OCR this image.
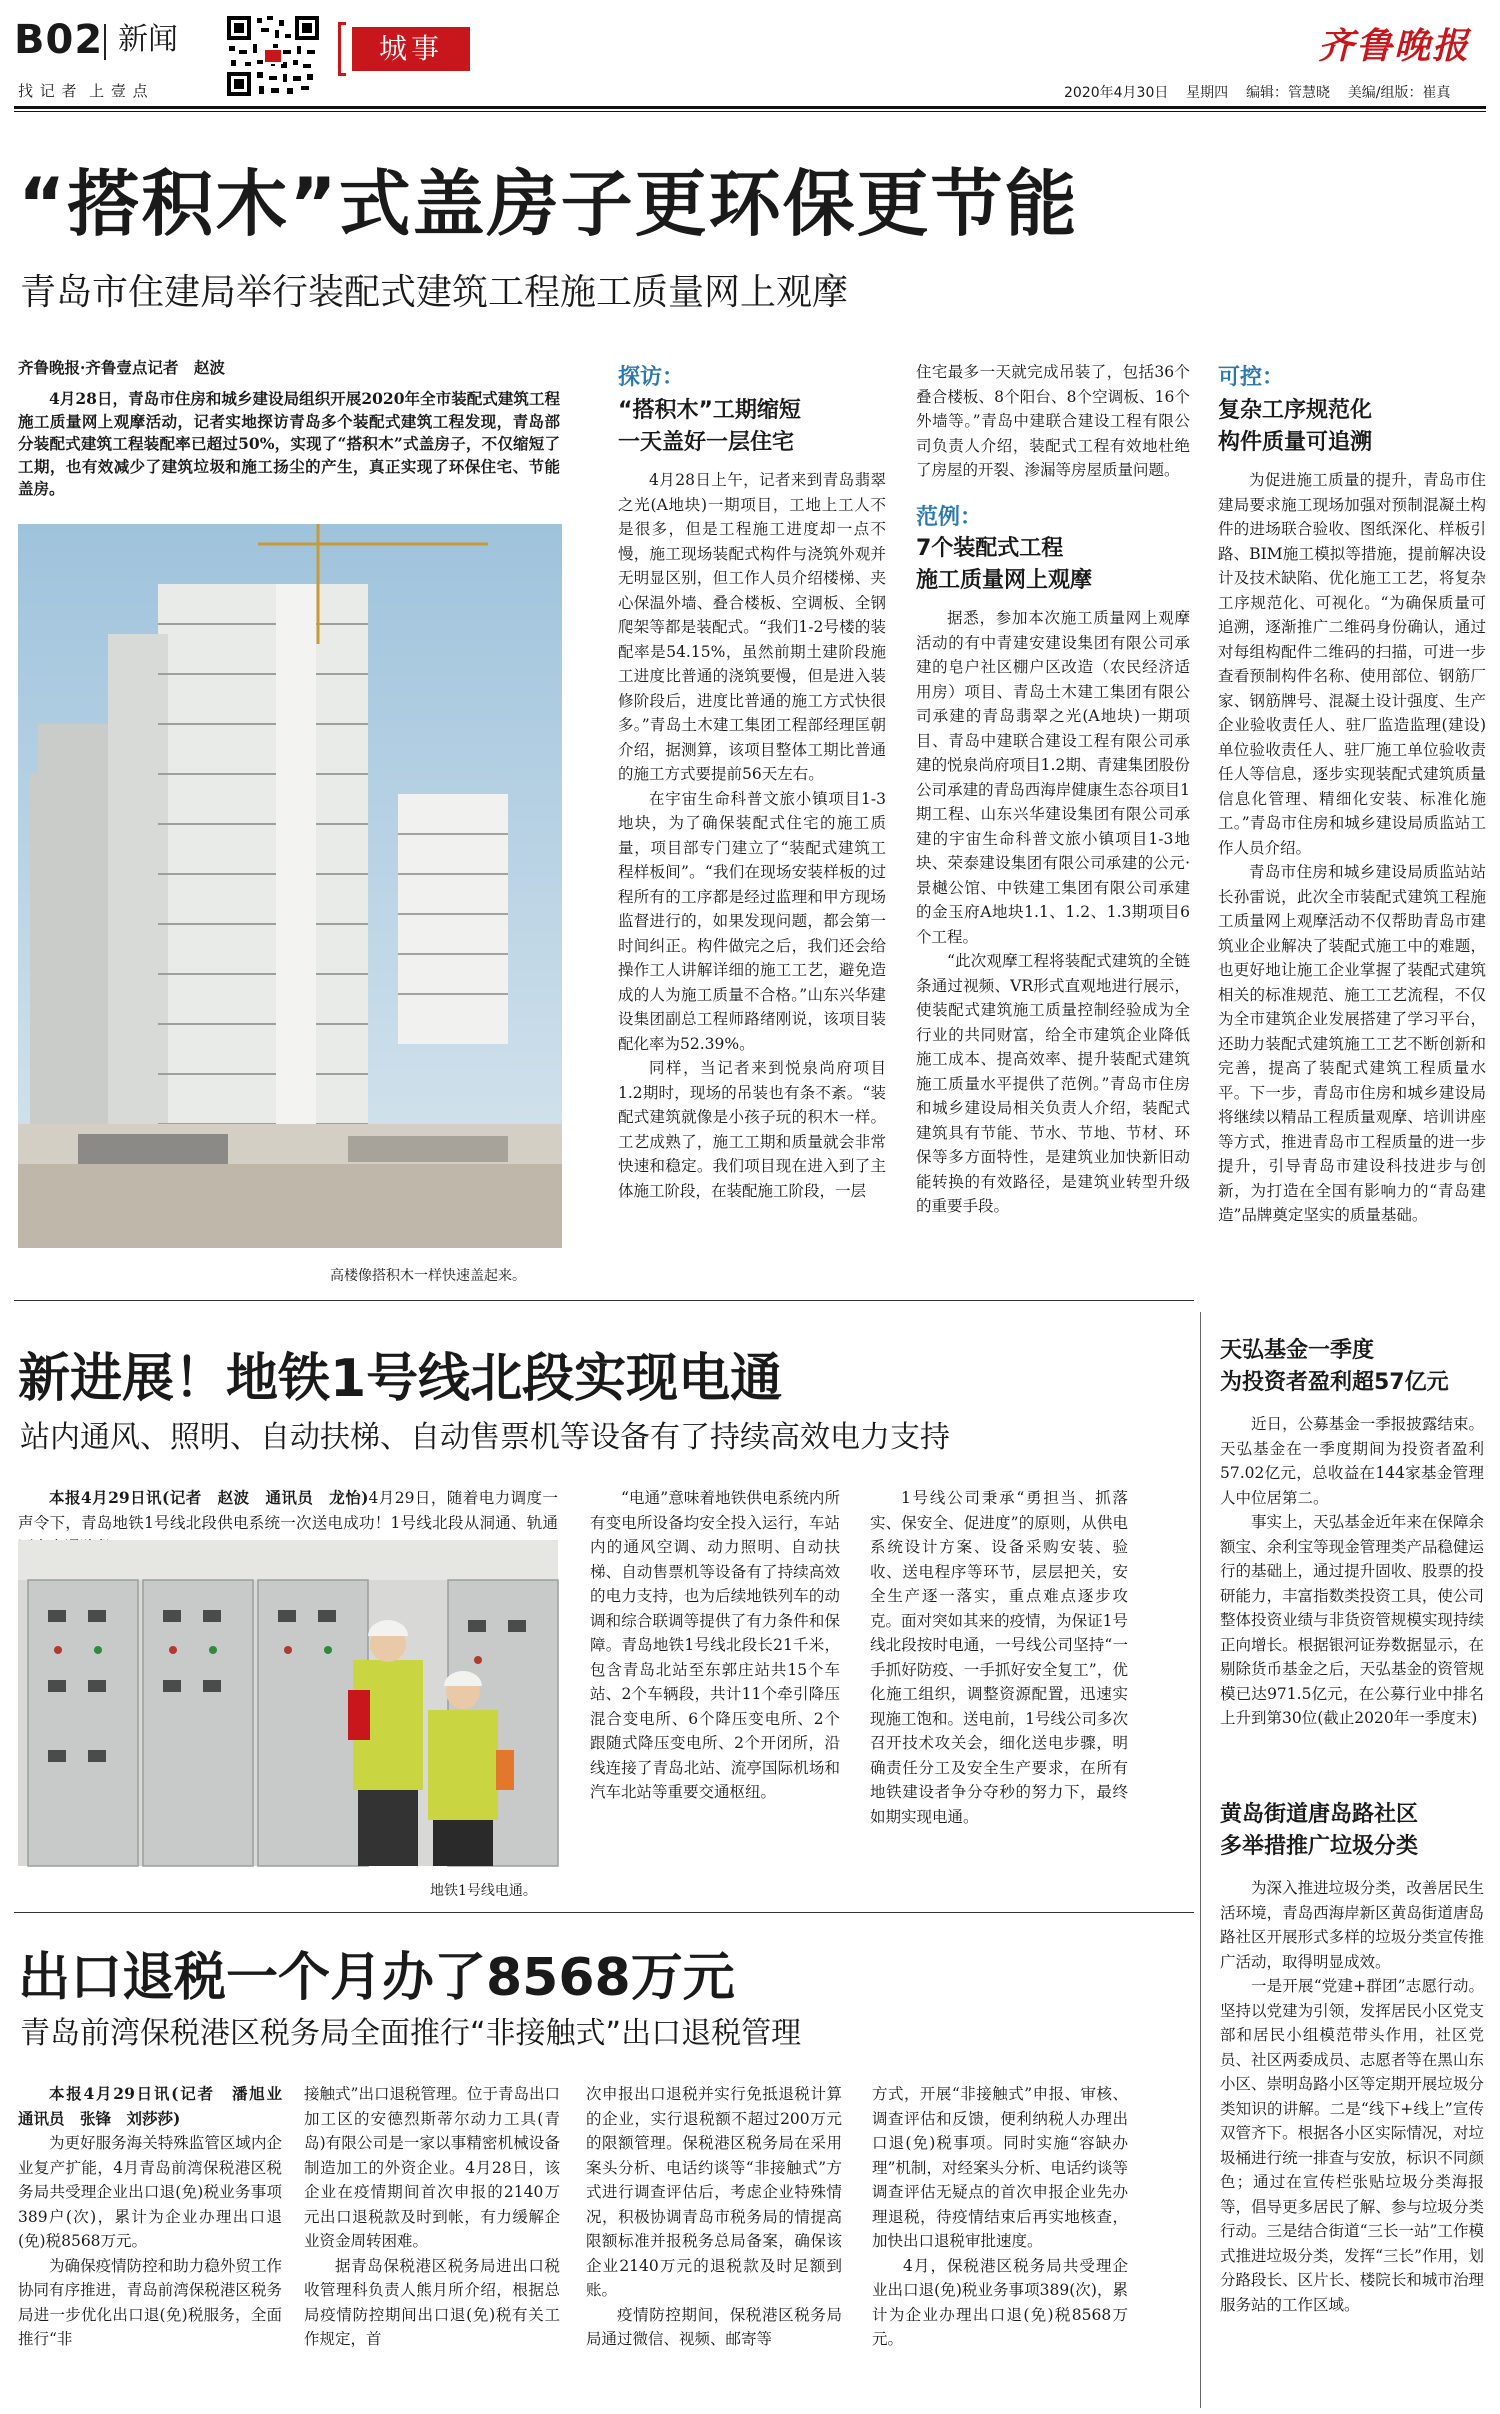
B02 新闻
找 记 者  上 壹 点
城事	齐鲁晚报
2020年4月30日 星期四 编辑：管慧晓 美编/组版：崔真
“搭积木”式盖房子更环保更节能
青岛市住建局举行装配式建筑工程施工质量网上观摩
齐鲁晚报·齐鲁壹点记者　赵波
4月28日，青岛市住房和城乡建设局组织开展2020年全市装配式建筑工程施工质量网上观摩活动，记者实地探访青岛多个装配式建筑工程发现，青岛部分装配式建筑工程装配率已超过50%，实现了“搭积木”式盖房子，不仅缩短了工期，也有效减少了建筑垃圾和施工扬尘的产生，真正实现了环保住宅、节能盖房。
高楼像搭积木一样快速盖起来。
探访：
“搭积木”工期缩短
一天盖好一层住宅

4月28日上午，记者来到青岛翡翠之光(A地块)一期项目，工地上工人不是很多，但是工程施工进度却一点不慢，施工现场装配式构件与浇筑外观并无明显区别，但工作人员介绍楼梯、夹心保温外墙、叠合楼板、空调板、全钢爬架等都是装配式。“我们1-2号楼的装配率是54.15%，虽然前期土建阶段施工进度比普通的浇筑要慢，但是进入装修阶段后，进度比普通的施工方式快很多。”青岛土木建工集团工程部经理匡朝介绍，据测算，该项目整体工期比普通的施工方式要提前56天左右。

在宇宙生命科普文旅小镇项目1-3地块，为了确保装配式住宅的施工质量，项目部专门建立了“装配式建筑工程样板间”。“我们在现场安装样板的过程所有的工序都是经过监理和甲方现场监督进行的，如果发现问题，都会第一时间纠正。构件做完之后，我们还会给操作工人讲解详细的施工工艺，避免造成的人为施工质量不合格。”山东兴华建设集团副总工程师路绪刚说，该项目装配化率为52.39%。

同样，当记者来到悦泉尚府项目1.2期时，现场的吊装也有条不紊。“装配式建筑就像是小孩子玩的积木一样。工艺成熟了，施工工期和质量就会非常快速和稳定。我们项目现在进入到了主体施工阶段，在装配施工阶段，一层

住宅最多一天就完成吊装了，包括36个叠合楼板、8个阳台、8个空调板、16个外墙等。”青岛中建联合建设工程有限公司负责人介绍，装配式工程有效地杜绝了房屋的开裂、渗漏等房屋质量问题。
范例：
7个装配式工程
施工质量网上观摩

据悉，参加本次施工质量网上观摩活动的有中青建安建设集团有限公司承建的皂户社区棚户区改造（农民经济适用房）项目、青岛土木建工集团有限公司承建的青岛翡翠之光(A地块)一期项目、青岛中建联合建设工程有限公司承建的悦泉尚府项目1.2期、青建集团股份公司承建的青岛西海岸健康生态谷项目1期工程、山东兴华建设集团有限公司承建的宇宙生命科普文旅小镇项目1-3地块、荣泰建设集团有限公司承建的公元·景樾公馆、中铁建工集团有限公司承建的金玉府A地块1.1、1.2、1.3期项目6个工程。

“此次观摩工程将装配式建筑的全链条通过视频、VR形式直观地进行展示，使装配式建筑施工质量控制经验成为全行业的共同财富，给全市建筑企业降低施工成本、提高效率、提升装配式建筑施工质量水平提供了范例。”青岛市住房和城乡建设局相关负责人介绍，装配式建筑具有节能、节水、节地、节材、环保等多方面特性，是建筑业加快新旧动能转换的有效路径，是建筑业转型升级的重要手段。

可控：
复杂工序规范化
构件质量可追溯

为促进施工质量的提升，青岛市住建局要求施工现场加强对预制混凝土构件的进场联合验收、图纸深化、样板引路、BIM施工模拟等措施，提前解决设计及技术缺陷、优化施工工艺，将复杂工序规范化、可视化。“为确保质量可追溯，逐渐推广二维码身份确认，通过对每组构配件二维码的扫描，可进一步查看预制构件名称、使用部位、钢筋厂家、钢筋牌号、混凝土设计强度、生产企业验收责任人、驻厂监造监理(建设)单位验收责任人、驻厂施工单位验收责任人等信息，逐步实现装配式建筑质量信息化管理、精细化安装、标准化施工。”青岛市住房和城乡建设局质监站工作人员介绍。

青岛市住房和城乡建设局质监站站长孙雷说，此次全市装配式建筑工程施工质量网上观摩活动不仅帮助青岛市建筑业企业解决了装配式施工中的难题，也更好地让施工企业掌握了装配式建筑相关的标准规范、施工工艺流程，不仅为全市建筑企业发展搭建了学习平台，还助力装配式建筑施工工艺不断创新和完善，提高了装配式建筑工程质量水平。下一步，青岛市住房和城乡建设局将继续以精品工程质量观摩、培训讲座等方式，推进青岛市工程质量的进一步提升，引导青岛市建设科技进步与创新，为打造在全国有影响力的“青岛建造”品牌奠定坚实的质量基础。

新进展！地铁1号线北段实现电通
站内通风、照明、自动扶梯、自动售票机等设备有了持续高效电力支持
本报4月29日讯(记者　赵波　通讯员　龙怡)4月29日，随着电力调度一声令下，青岛地铁1号线北段供电系统一次送电成功！1号线北段从洞通、轨通
地铁1号线电通。

“电通”意味着地铁供电系统内所有变电所设备均安全投入运行，车站内的通风空调、动力照明、自动扶梯、自动售票机等设备有了持续高效的电力支持，也为后续地铁列车的动调和综合联调等提供了有力条件和保障。青岛地铁1号线北段长21千米，包含青岛北站至东郭庄站共15个车站、2个车辆段，共计11个牵引降压混合变电所、6个降压变电所、2个跟随式降压变电所、2个开闭所，沿线连接了青岛北站、流亭国际机场和汽车北站等重要交通枢纽。

1号线公司秉承“勇担当、抓落实、保安全、促进度”的原则，从供电系统设计方案、设备采购安装、验收、送电程序等环节，层层把关，安全生产逐一落实，重点难点逐步攻克。面对突如其来的疫情，为保证1号线北段按时电通，一号线公司坚持“一手抓好防疫、一手抓好安全复工”，优化施工组织，调整资源配置，迅速实现施工饱和。送电前，1号线公司多次召开技术攻关会，细化送电步骤，明确责任分工及安全生产要求，在所有地铁建设者争分夺秒的努力下，最终如期实现电通。

出口退税一个月办了8568万元
青岛前湾保税港区税务局全面推行“非接触式”出口退税管理

本报4月29日讯(记者　潘旭业　通讯员　张锋　刘莎莎)

为更好服务海关特殊监管区域内企业复产扩能，4月青岛前湾保税港区税务局共受理企业出口退(免)税业务事项389户(次)，累计为企业办理出口退(免)税8568万元。

为确保疫情防控和助力稳外贸工作协同有序推进，青岛前湾保税港区税务局进一步优化出口退(免)税服务，全面推行“非

接触式”出口退税管理。位于青岛出口加工区的安德烈斯蒂尔动力工具(青岛)有限公司是一家以事精密机械设备制造加工的外资企业。4月28日，该企业在疫情期间首次申报的2140万元出口退税款及时到帐，有力缓解企业资金周转困难。

据青岛保税港区税务局进出口税收管理科负责人熊月所介绍，根据总局疫情防控期间出口退(免)税有关工作规定，首

次申报出口退税并实行免抵退税计算的企业，实行退税额不超过200万元的限额管理。保税港区税务局在采用案头分析、电话约谈等“非接触式”方式进行调查评估后，考虑企业特殊情况，积极协调青岛市税务局的情提高限额标准并报税务总局备案，确保该企业2140万元的退税款及时足额到账。

疫情防控期间，保税港区税务局局通过微信、视频、邮寄等

方式，开展“非接触式”申报、审核、调查评估和反馈，便利纳税人办理出口退(免)税事项。同时实施“容缺办理”机制，对经案头分析、电话约谈等调查评估无疑点的首次申报企业先办理退税，待疫情结束后再实地核查，加快出口退税审批速度。

4月，保税港区税务局共受理企业出口退(免)税业务事项389(次)，累计为企业办理出口退(免)税8568万元。

天弘基金一季度
为投资者盈利超57亿元

近日，公募基金一季报披露结束。天弘基金在一季度期间为投资者盈利57.02亿元，总收益在144家基金管理人中位居第二。

事实上，天弘基金近年来在保障余额宝、余利宝等现金管理类产品稳健运行的基础上，通过提升固收、股票的投研能力，丰富指数类投资工具，使公司整体投资业绩与非货资管规模实现持续正向增长。根据银河证券数据显示，在剔除货币基金之后，天弘基金的资管规模已达971.5亿元，在公募行业中排名上升到第30位(截止2020年一季度末)

黄岛街道唐岛路社区
多举措推广垃圾分类

为深入推进垃圾分类，改善居民生活环境，青岛西海岸新区黄岛街道唐岛路社区开展形式多样的垃圾分类宣传推广活动，取得明显成效。

一是开展“党建+群团”志愿行动。坚持以党建为引领，发挥居民小区党支部和居民小组模范带头作用，社区党员、社区两委成员、志愿者等在黑山东小区、崇明岛路小区等定期开展垃圾分类知识的讲解。二是“线下+线上”宣传双管齐下。根据各小区实际情况，对垃圾桶进行统一排查与安放，标识不同颜色；通过在宣传栏张贴垃圾分类海报等，倡导更多居民了解、参与垃圾分类行动。三是结合街道“三长一站”工作模式推进垃圾分类，发挥“三长”作用，划分路段长、区片长、楼院长和城市治理服务站的工作区域。
